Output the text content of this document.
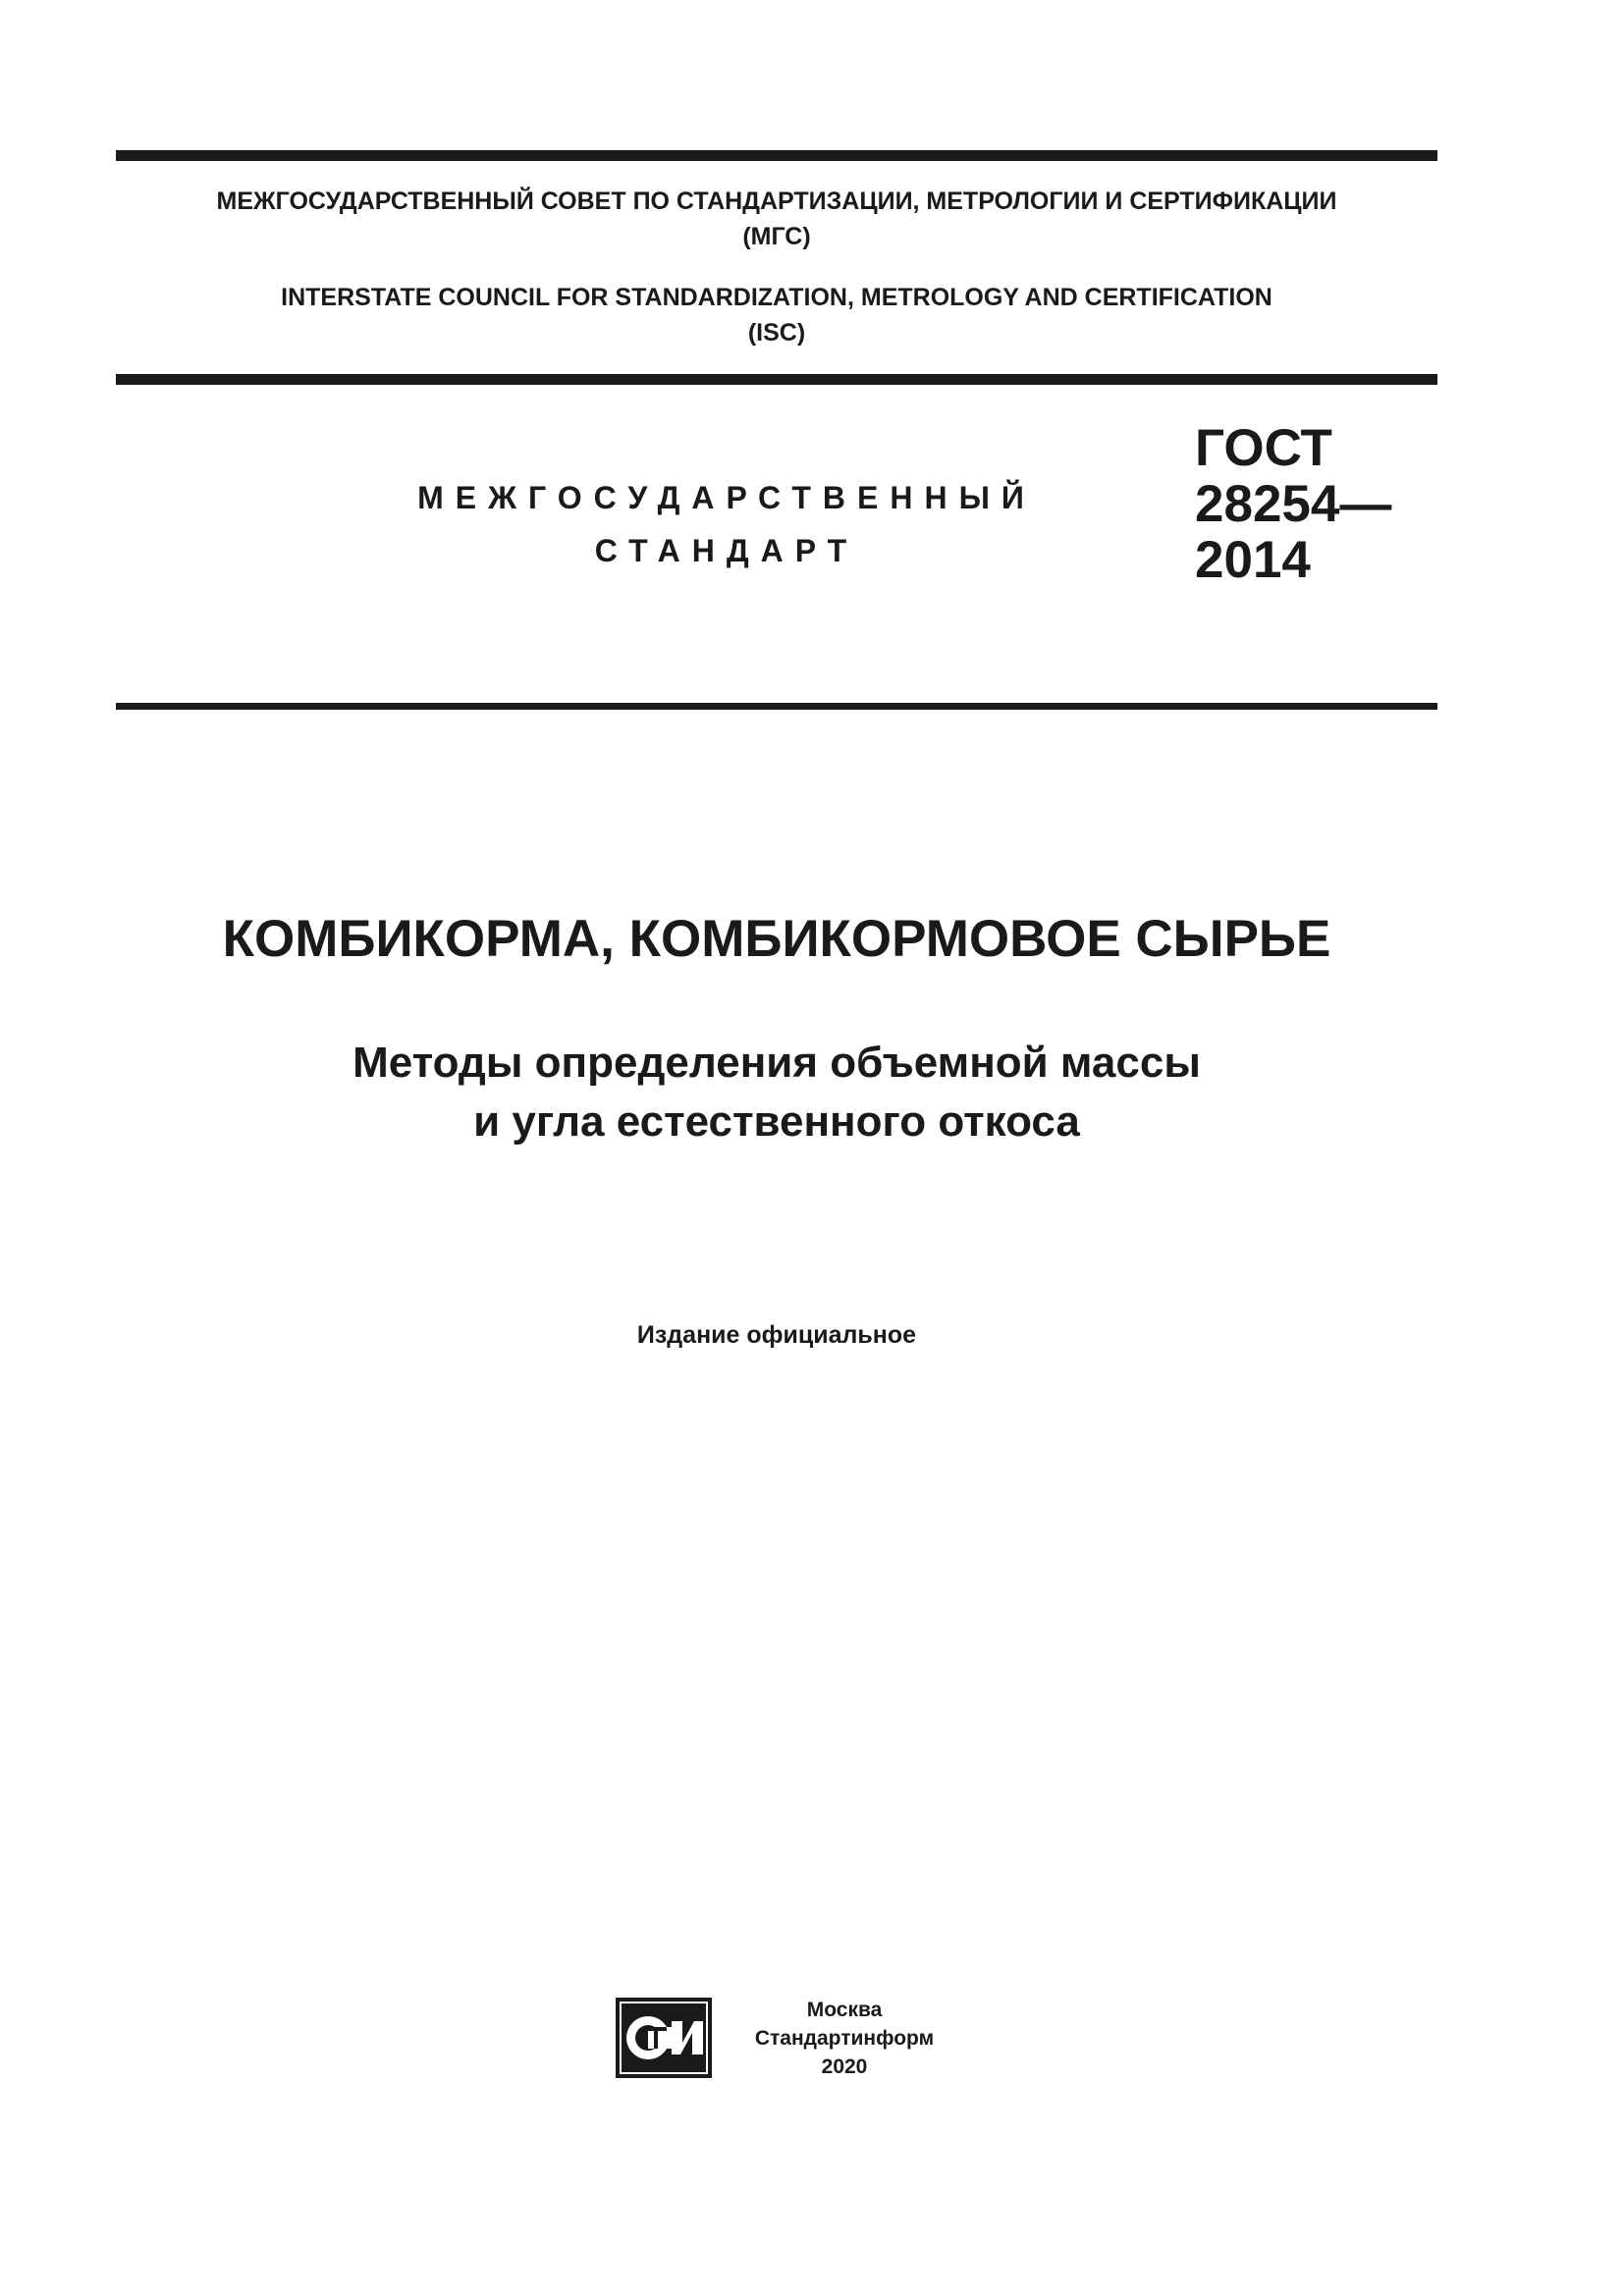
МЕЖГОСУДАРСТВЕННЫЙ СОВЕТ ПО СТАНДАРТИЗАЦИИ, МЕТРОЛОГИИ И СЕРТИФИКАЦИИ
(МГС)
INTERSTATE COUNCIL FOR STANDARDIZATION, METROLOGY AND CERTIFICATION
(ISC)
МЕЖГОСУДАРСТВЕННЫЙ
СТАНДАРТ
ГОСТ
28254—
2014
КОМБИКОРМА, КОМБИКОРМОВОЕ СЫРЬЕ
Методы определения объемной массы
и угла естественного откоса
Издание официальное
Москва
Стандартинформ
2020
